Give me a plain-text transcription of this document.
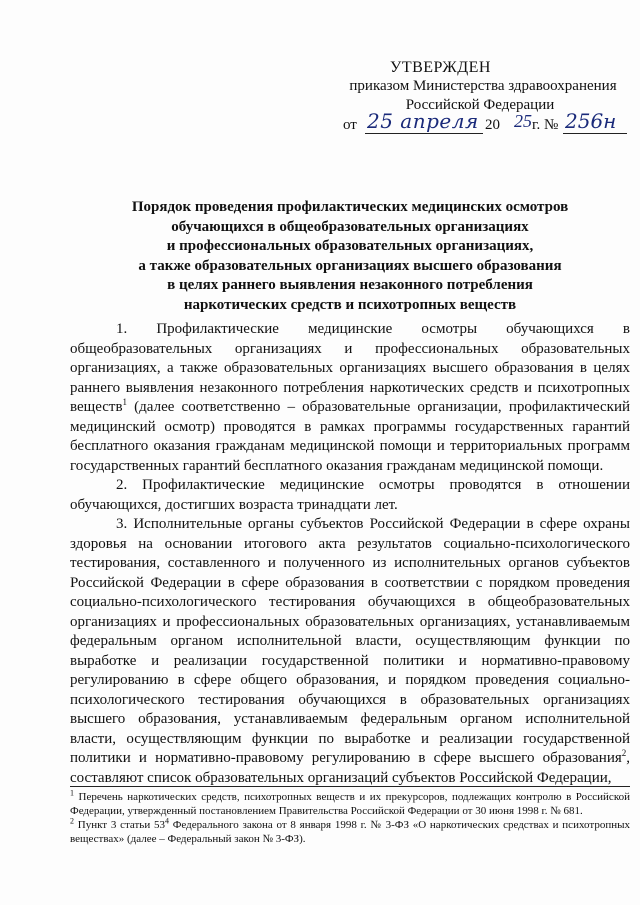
УТВЕРЖДЕН
приказом Министерства здравоохранения
Российской Федерации
от 25 апреля 20 25 г. № 256н
Порядок проведения профилактических медицинских осмотров
обучающихся в общеобразовательных организациях
и профессиональных образовательных организациях,
а также образовательных организациях высшего образования
в целях раннего выявления незаконного потребления
наркотических средств и психотропных веществ

1. Профилактические медицинские осмотры обучающихся в общеобразовательных организациях и профессиональных образовательных организациях, а также образовательных организациях высшего образования в целях раннего выявления незаконного потребления наркотических средств и психотропных веществ$^1$ (далее соответственно – образовательные организации, профилактический медицинский осмотр) проводятся в рамках программы государственных гарантий бесплатного оказания гражданам медицинской помощи и территориальных программ государственных гарантий бесплатного оказания гражданам медицинской помощи.

2. Профилактические медицинские осмотры проводятся в отношении обучающихся, достигших возраста тринадцати лет.

3. Исполнительные органы субъектов Российской Федерации в сфере охраны здоровья на основании итогового акта результатов социально-психологического тестирования, составленного и полученного из исполнительных органов субъектов Российской Федерации в сфере образования в соответствии с порядком проведения социально-психологического тестирования обучающихся в общеобразовательных организациях и профессиональных образовательных организациях, устанавливаемым федеральным органом исполнительной власти, осуществляющим функции по выработке и реализации государственной политики и нормативно-правовому регулированию в сфере общего образования, и порядком проведения социально-психологического тестирования обучающихся в образовательных организациях высшего образования, устанавливаемым федеральным органом исполнительной власти, осуществляющим функции по выработке и реализации государственной политики и нормативно-правовому регулированию в сфере высшего образования$^2$, составляют список образовательных организаций субъектов Российской Федерации,

$^1$ Перечень наркотических средств, психотропных веществ и их прекурсоров, подлежащих контролю в Российской Федерации, утвержденный постановлением Правительства Российской Федерации от 30 июня 1998 г. № 681.

$^2$ Пункт 3 статьи $53^4$ Федерального закона от 8 января 1998 г. № 3-ФЗ «О наркотических средствах и психотропных веществах» (далее – Федеральный закон № 3-ФЗ).
